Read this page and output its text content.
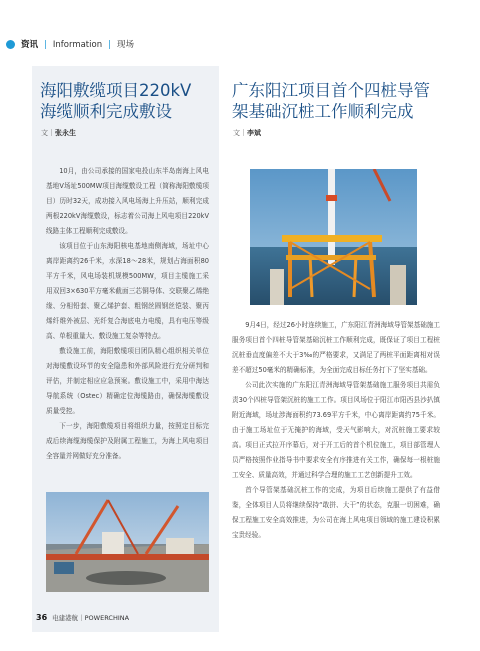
资讯 | Information | 现场
海阳敷缆项目220kV
海缆顺利完成敷设
文｜张永生

10月，由公司承接的国家电投山东半岛南海上风电基地V场址500MW项目海缆敷设工程（简称海阳敷缆项目）历时32天，成功接入风电场海上升压站，顺利完成两根220kV海缆敷设，标志着公司海上风电项目220kV线路主体工程顺利完成敷设。

该项目位于山东海阳核电基地南侧海域，场址中心离岸距离约26千米，水深18～28米，规划占海面积80平方千米，风电场装机规模500MW，项目主缆施工采用双回3×630平方毫米截面三芯铜导体、交联聚乙烯绝缘、分相铅套、聚乙烯护套、粗钢丝圆钢丝铠装、聚丙烯纤维外被层、光纤复合海底电力电缆，具有电压等级高、单根重量大、敷设施工复杂等特点。

敷设施工前，海阳敷缆项目团队精心组织相关单位对海缆敷设环节的安全隐患和外部风险进行充分研判和评估，并制定相应应急预案。敷设施工中，采用中海达导航系统（Ostec）精确定位海缆路由，确保海缆敷设质量受控。

下一步，海阳敷缆项目将组织力量，按照定目标完成后续海缆海缆保护及附属工程施工，为海上风电项目全容量并网做好充分准备。

广东阳江项目首个四桩导管
架基础沉桩工作顺利完成
文｜李斌

9月4日，经过26小时连续施工，广东阳江青洲海域导管架基础施工服务项目首个四桩导管架基础沉桩工作顺利完成，既保证了项目工程桩沉桩垂直度偏差不大于3‰的严格要求，又满足了两桩平面距离相对误差不超过50毫米的精确标准，为全面完成目标任务打下了坚实基础。

公司此次实施的广东阳江青洲海域导管架基础施工服务项目共需负责30个四桩导管架沉桩的施工工作。项目风场位于阳江市阳西县沙扒镇附近海域，场址涉海面积约73.69平方千米，中心离岸距离约75千米。由于施工场址位于无掩护的海域，受天气影响大，对沉桩施工要求较高。项目正式拉开序幕后，对于开工后的首个机位施工，项目部管理人员严格按照作业指导书中要求安全有序推进有关工作，确保每一根桩施工安全、质量高效，并通过科学合理的施工工艺创新提升工效。

首个导管架基础沉桩工作的完成，为项目后续施工提供了有益借鉴，全体项目人员将继续保持“敢拼、大干”的状态，克服一切困难，确保工程施工安全高效推进，为公司在海上风电项目领域的施工建设积累宝贵经验。

36 电建港航｜POWERCHINA
